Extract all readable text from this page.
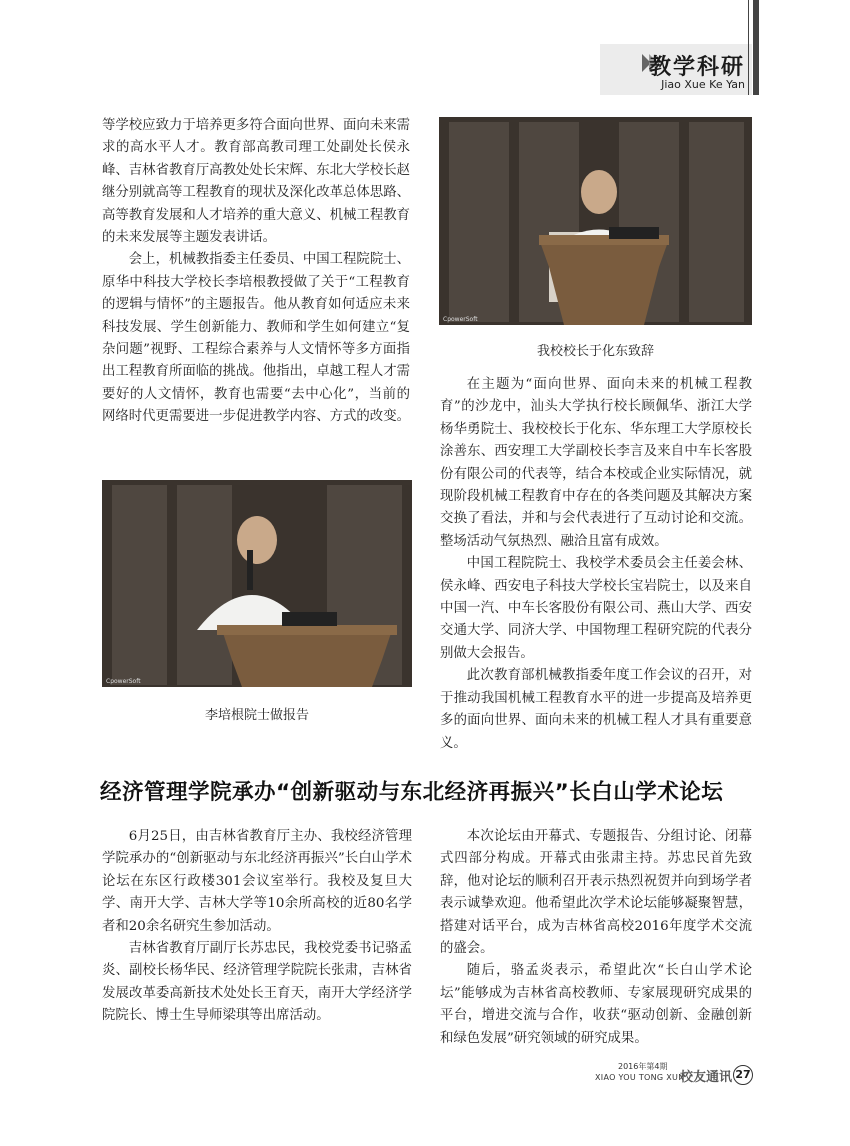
教学科研
Jiao Xue Ke Yan

等学校应致力于培养更多符合面向世界、面向未来需求的高水平人才。教育部高教司理工处副处长侯永峰、吉林省教育厅高教处处长宋辉、东北大学校长赵继分别就高等工程教育的现状及深化改革总体思路、高等教育发展和人才培养的重大意义、机械工程教育的未来发展等主题发表讲话。

会上，机械教指委主任委员、中国工程院院士、原华中科技大学校长李培根教授做了关于“工程教育的逻辑与情怀”的主题报告。他从教育如何适应未来科技发展、学生创新能力、教师和学生如何建立“复杂问题”视野、工程综合素养与人文情怀等多方面指出工程教育所面临的挑战。他指出，卓越工程人才需要好的人文情怀，教育也需要“去中心化”，当前的网络时代更需要进一步促进教学内容、方式的改变。

CpowerSoft
我校校长于化东致辞

在主题为“面向世界、面向未来的机械工程教育”的沙龙中，汕头大学执行校长顾佩华、浙江大学杨华勇院士、我校校长于化东、华东理工大学原校长涂善东、西安理工大学副校长李言及来自中车长客股份有限公司的代表等，结合本校或企业实际情况，就现阶段机械工程教育中存在的各类问题及其解决方案交换了看法，并和与会代表进行了互动讨论和交流。整场活动气氛热烈、融洽且富有成效。

中国工程院院士、我校学术委员会主任姜会林、侯永峰、西安电子科技大学校长宝岩院士，以及来自中国一汽、中车长客股份有限公司、燕山大学、西安交通大学、同济大学、中国物理工程研究院的代表分别做大会报告。

此次教育部机械教指委年度工作会议的召开，对于推动我国机械工程教育水平的进一步提高及培养更多的面向世界、面向未来的机械工程人才具有重要意义。

CpowerSoft
李培根院士做报告
经济管理学院承办“创新驱动与东北经济再振兴”长白山学术论坛

6月25日，由吉林省教育厅主办、我校经济管理学院承办的“创新驱动与东北经济再振兴”长白山学术论坛在东区行政楼301会议室举行。我校及复旦大学、南开大学、吉林大学等10余所高校的近80名学者和20余名研究生参加活动。

吉林省教育厅副厅长苏忠民，我校党委书记骆孟炎、副校长杨华民、经济管理学院院长张肃，吉林省发展改革委高新技术处处长王育天，南开大学经济学院院长、博士生导师梁琪等出席活动。

本次论坛由开幕式、专题报告、分组讨论、闭幕式四部分构成。开幕式由张肃主持。苏忠民首先致辞，他对论坛的顺利召开表示热烈祝贺并向到场学者表示诚挚欢迎。他希望此次学术论坛能够凝聚智慧，搭建对话平台，成为吉林省高校2016年度学术交流的盛会。

随后，骆孟炎表示，希望此次“长白山学术论坛”能够成为吉林省高校教师、专家展现研究成果的平台，增进交流与合作，收获“驱动创新、金融创新和绿色发展”研究领域的研究成果。

2016年第4期
XIAO YOU TONG XUN
校友通讯 27
